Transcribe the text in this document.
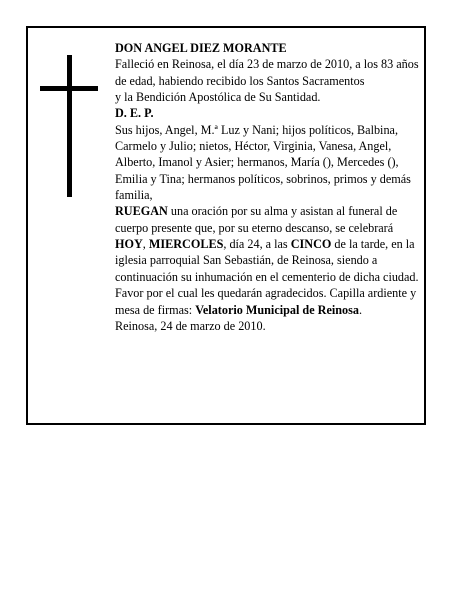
DON ANGEL DIEZ MORANTE

Falleció en Reinosa, el día 23 de marzo de 2010, a los 83 años de edad, habiendo recibido los Santos Sacramentos

y la Bendición Apostólica de Su Santidad.

D. E. P.

Sus hijos, Angel, M.ª Luz y Nani; hijos políticos, Balbina, Carmelo y Julio; nietos, Héctor, Virginia, Vanesa, Angel, Alberto, Imanol y Asier; hermanos, María (), Mercedes (), Emilia y Tina; hermanos políticos, sobrinos, primos y demás familia,

RUEGAN una oración por su alma y asistan al funeral de cuerpo presente que, por su eterno descanso, se celebrará HOY, MIERCOLES, día 24, a las CINCO de la tarde, en la iglesia parroquial San Sebastián, de Reinosa, siendo a continuación su inhumación en el cementerio de dicha ciudad. Favor por el cual les quedarán agradecidos. Capilla ardiente y mesa de firmas: Velatorio Municipal de Reinosa.

Reinosa, 24 de marzo de 2010.
